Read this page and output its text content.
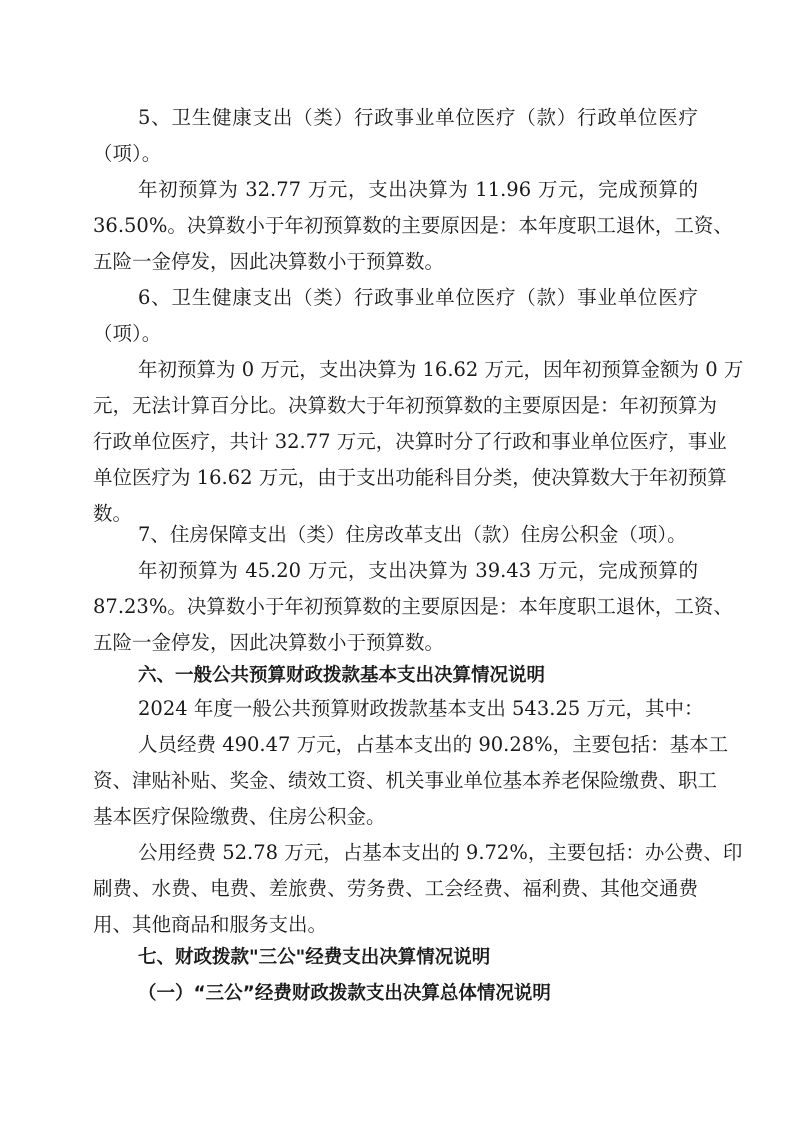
5、卫生健康支出（类）行政事业单位医疗（款）行政单位医疗
（项）。
年初预算为 32.77 万元，支出决算为 11.96 万元，完成预算的
36.50%。决算数小于年初预算数的主要原因是：本年度职工退休，工资、
五险一金停发，因此决算数小于预算数。
6、卫生健康支出（类）行政事业单位医疗（款）事业单位医疗
（项）。
年初预算为 0 万元，支出决算为 16.62 万元，因年初预算金额为 0 万
元，无法计算百分比。决算数大于年初预算数的主要原因是：年初预算为
行政单位医疗，共计 32.77 万元，决算时分了行政和事业单位医疗，事业
单位医疗为 16.62 万元，由于支出功能科目分类，使决算数大于年初预算
数。
7、住房保障支出（类）住房改革支出（款）住房公积金（项）。
年初预算为 45.20 万元，支出决算为 39.43 万元，完成预算的
87.23%。决算数小于年初预算数的主要原因是：本年度职工退休，工资、
五险一金停发，因此决算数小于预算数。
六、一般公共预算财政拨款基本支出决算情况说明
2024 年度一般公共预算财政拨款基本支出 543.25 万元，其中：
人员经费 490.47 万元，占基本支出的 90.28%，主要包括：基本工
资、津贴补贴、奖金、绩效工资、机关事业单位基本养老保险缴费、职工
基本医疗保险缴费、住房公积金。
公用经费 52.78 万元，占基本支出的 9.72%，主要包括：办公费、印
刷费、水费、电费、差旅费、劳务费、工会经费、福利费、其他交通费
用、其他商品和服务支出。
七、财政拨款"三公"经费支出决算情况说明
（一）“三公”经费财政拨款支出决算总体情况说明
